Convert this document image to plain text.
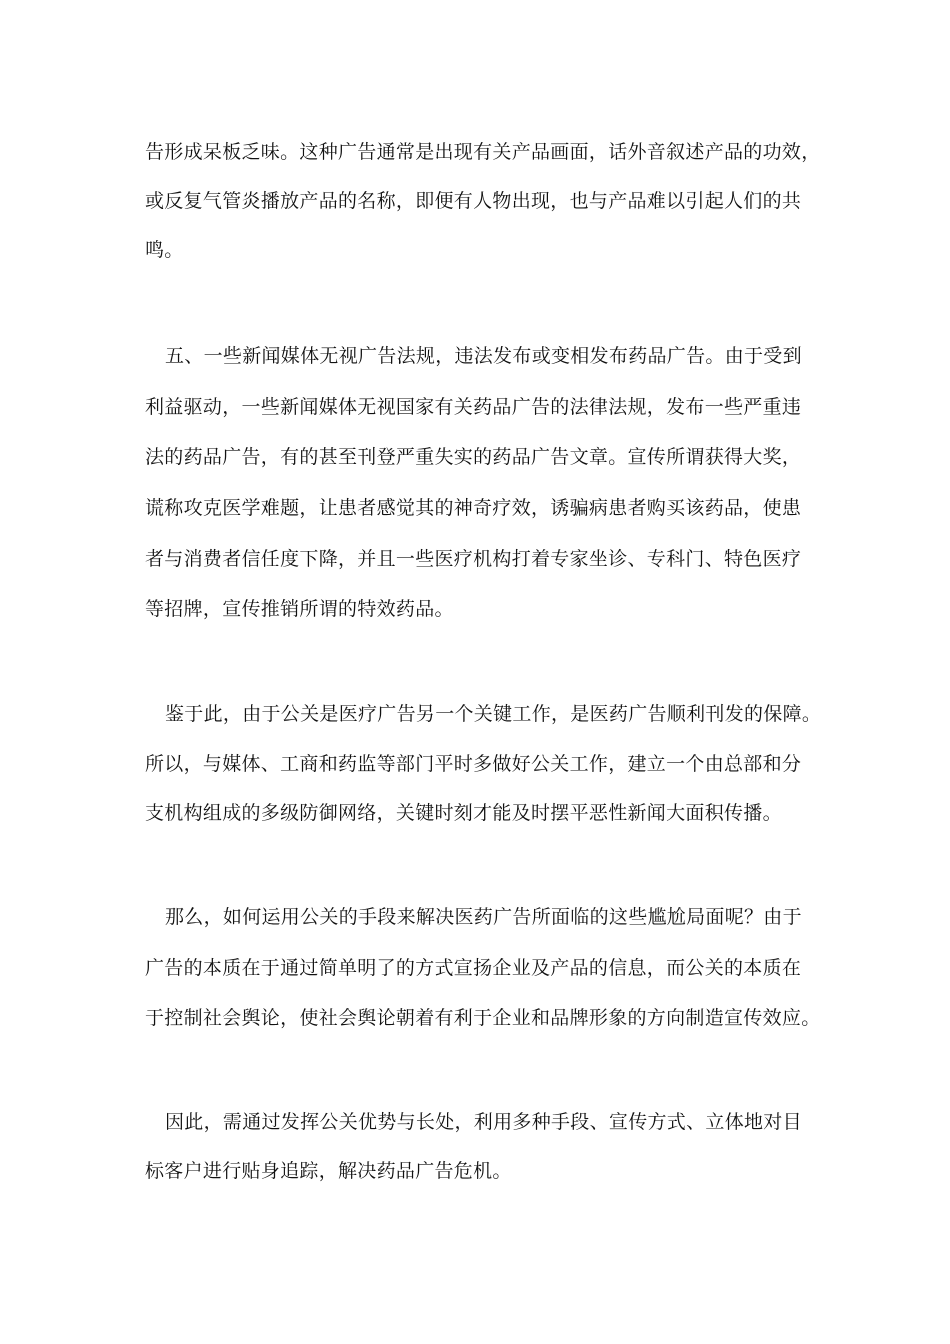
告形成呆板乏味。这种广告通常是出现有关产品画面，话外音叙述产品的功效，
或反复气管炎播放产品的名称，即便有人物出现，也与产品难以引起人们的共
鸣。
五、一些新闻媒体无视广告法规，违法发布或变相发布药品广告。由于受到
利益驱动，一些新闻媒体无视国家有关药品广告的法律法规，发布一些严重违
法的药品广告，有的甚至刊登严重失实的药品广告文章。宣传所谓获得大奖，
谎称攻克医学难题，让患者感觉其的神奇疗效，诱骗病患者购买该药品，使患
者与消费者信任度下降，并且一些医疗机构打着专家坐诊、专科门、特色医疗
等招牌，宣传推销所谓的特效药品。
鉴于此，由于公关是医疗广告另一个关键工作，是医药广告顺利刊发的保障。
所以，与媒体、工商和药监等部门平时多做好公关工作，建立一个由总部和分
支机构组成的多级防御网络，关键时刻才能及时摆平恶性新闻大面积传播。
那么，如何运用公关的手段来解决医药广告所面临的这些尴尬局面呢？由于
广告的本质在于通过简单明了的方式宣扬企业及产品的信息，而公关的本质在
于控制社会舆论，使社会舆论朝着有利于企业和品牌形象的方向制造宣传效应。
因此，需通过发挥公关优势与长处，利用多种手段、宣传方式、立体地对目
标客户进行贴身追踪，解决药品广告危机。
